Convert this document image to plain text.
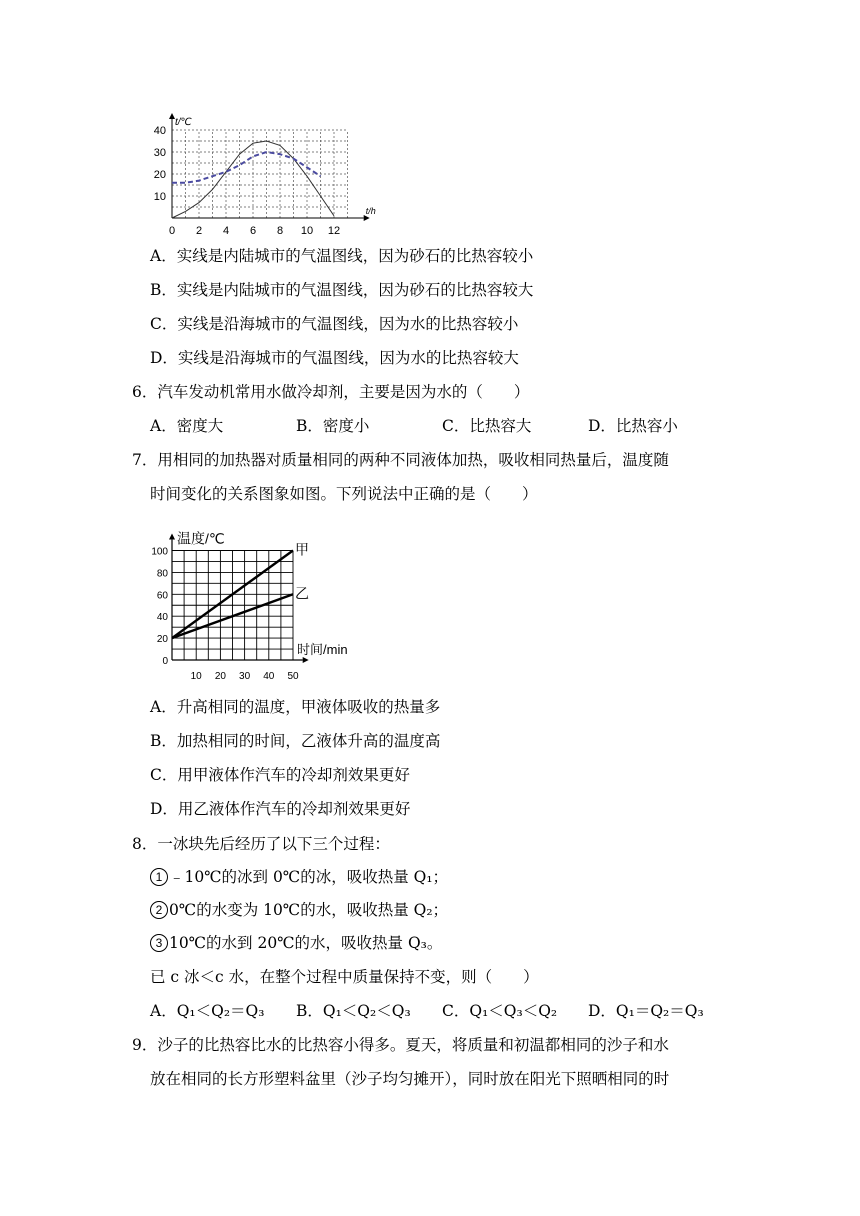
0 2 4 6 8 10 12
10
20
30
40
t/℃
t/h
A．实线是内陆城市的气温图线，因为砂石的比热容较小
B．实线是内陆城市的气温图线，因为砂石的比热容较大
C．实线是沿海城市的气温图线，因为水的比热容较小
D．实线是沿海城市的气温图线，因为水的比热容较大
6．汽车发动机常用水做冷却剂，主要是因为水的（　　）
A．密度大	B．密度小	C．比热容大	D．比热容小
7．用相同的加热器对质量相同的两种不同液体加热，吸收相同热量后，温度随
时间变化的关系图象如图。下列说法中正确的是（　　）
甲
乙
10 20 30 40 50
0
20
40
60
80
100
温度/℃
时间/min
A．升高相同的温度，甲液体吸收的热量多
B．加热相同的时间，乙液体升高的温度高
C．用甲液体作汽车的冷却剂效果更好
D．用乙液体作汽车的冷却剂效果更好
8．一冰块先后经历了以下三个过程：
1 ﹣10℃的冰到 0℃的冰，吸收热量 Q₁；
2 0℃的水变为 10℃的水，吸收热量 Q₂；
3 10℃的水到 20℃的水，吸收热量 Q₃。
已 c 冰＜c 水，在整个过程中质量保持不变，则（　　）
A．Q₁＜Q₂＝Q₃	B．Q₁＜Q₂＜Q₃	C．Q₁＜Q₃＜Q₂	D．Q₁＝Q₂＝Q₃
9．沙子的比热容比水的比热容小得多。夏天，将质量和初温都相同的沙子和水
放在相同的长方形塑料盆里（沙子均匀摊开），同时放在阳光下照晒相同的时
